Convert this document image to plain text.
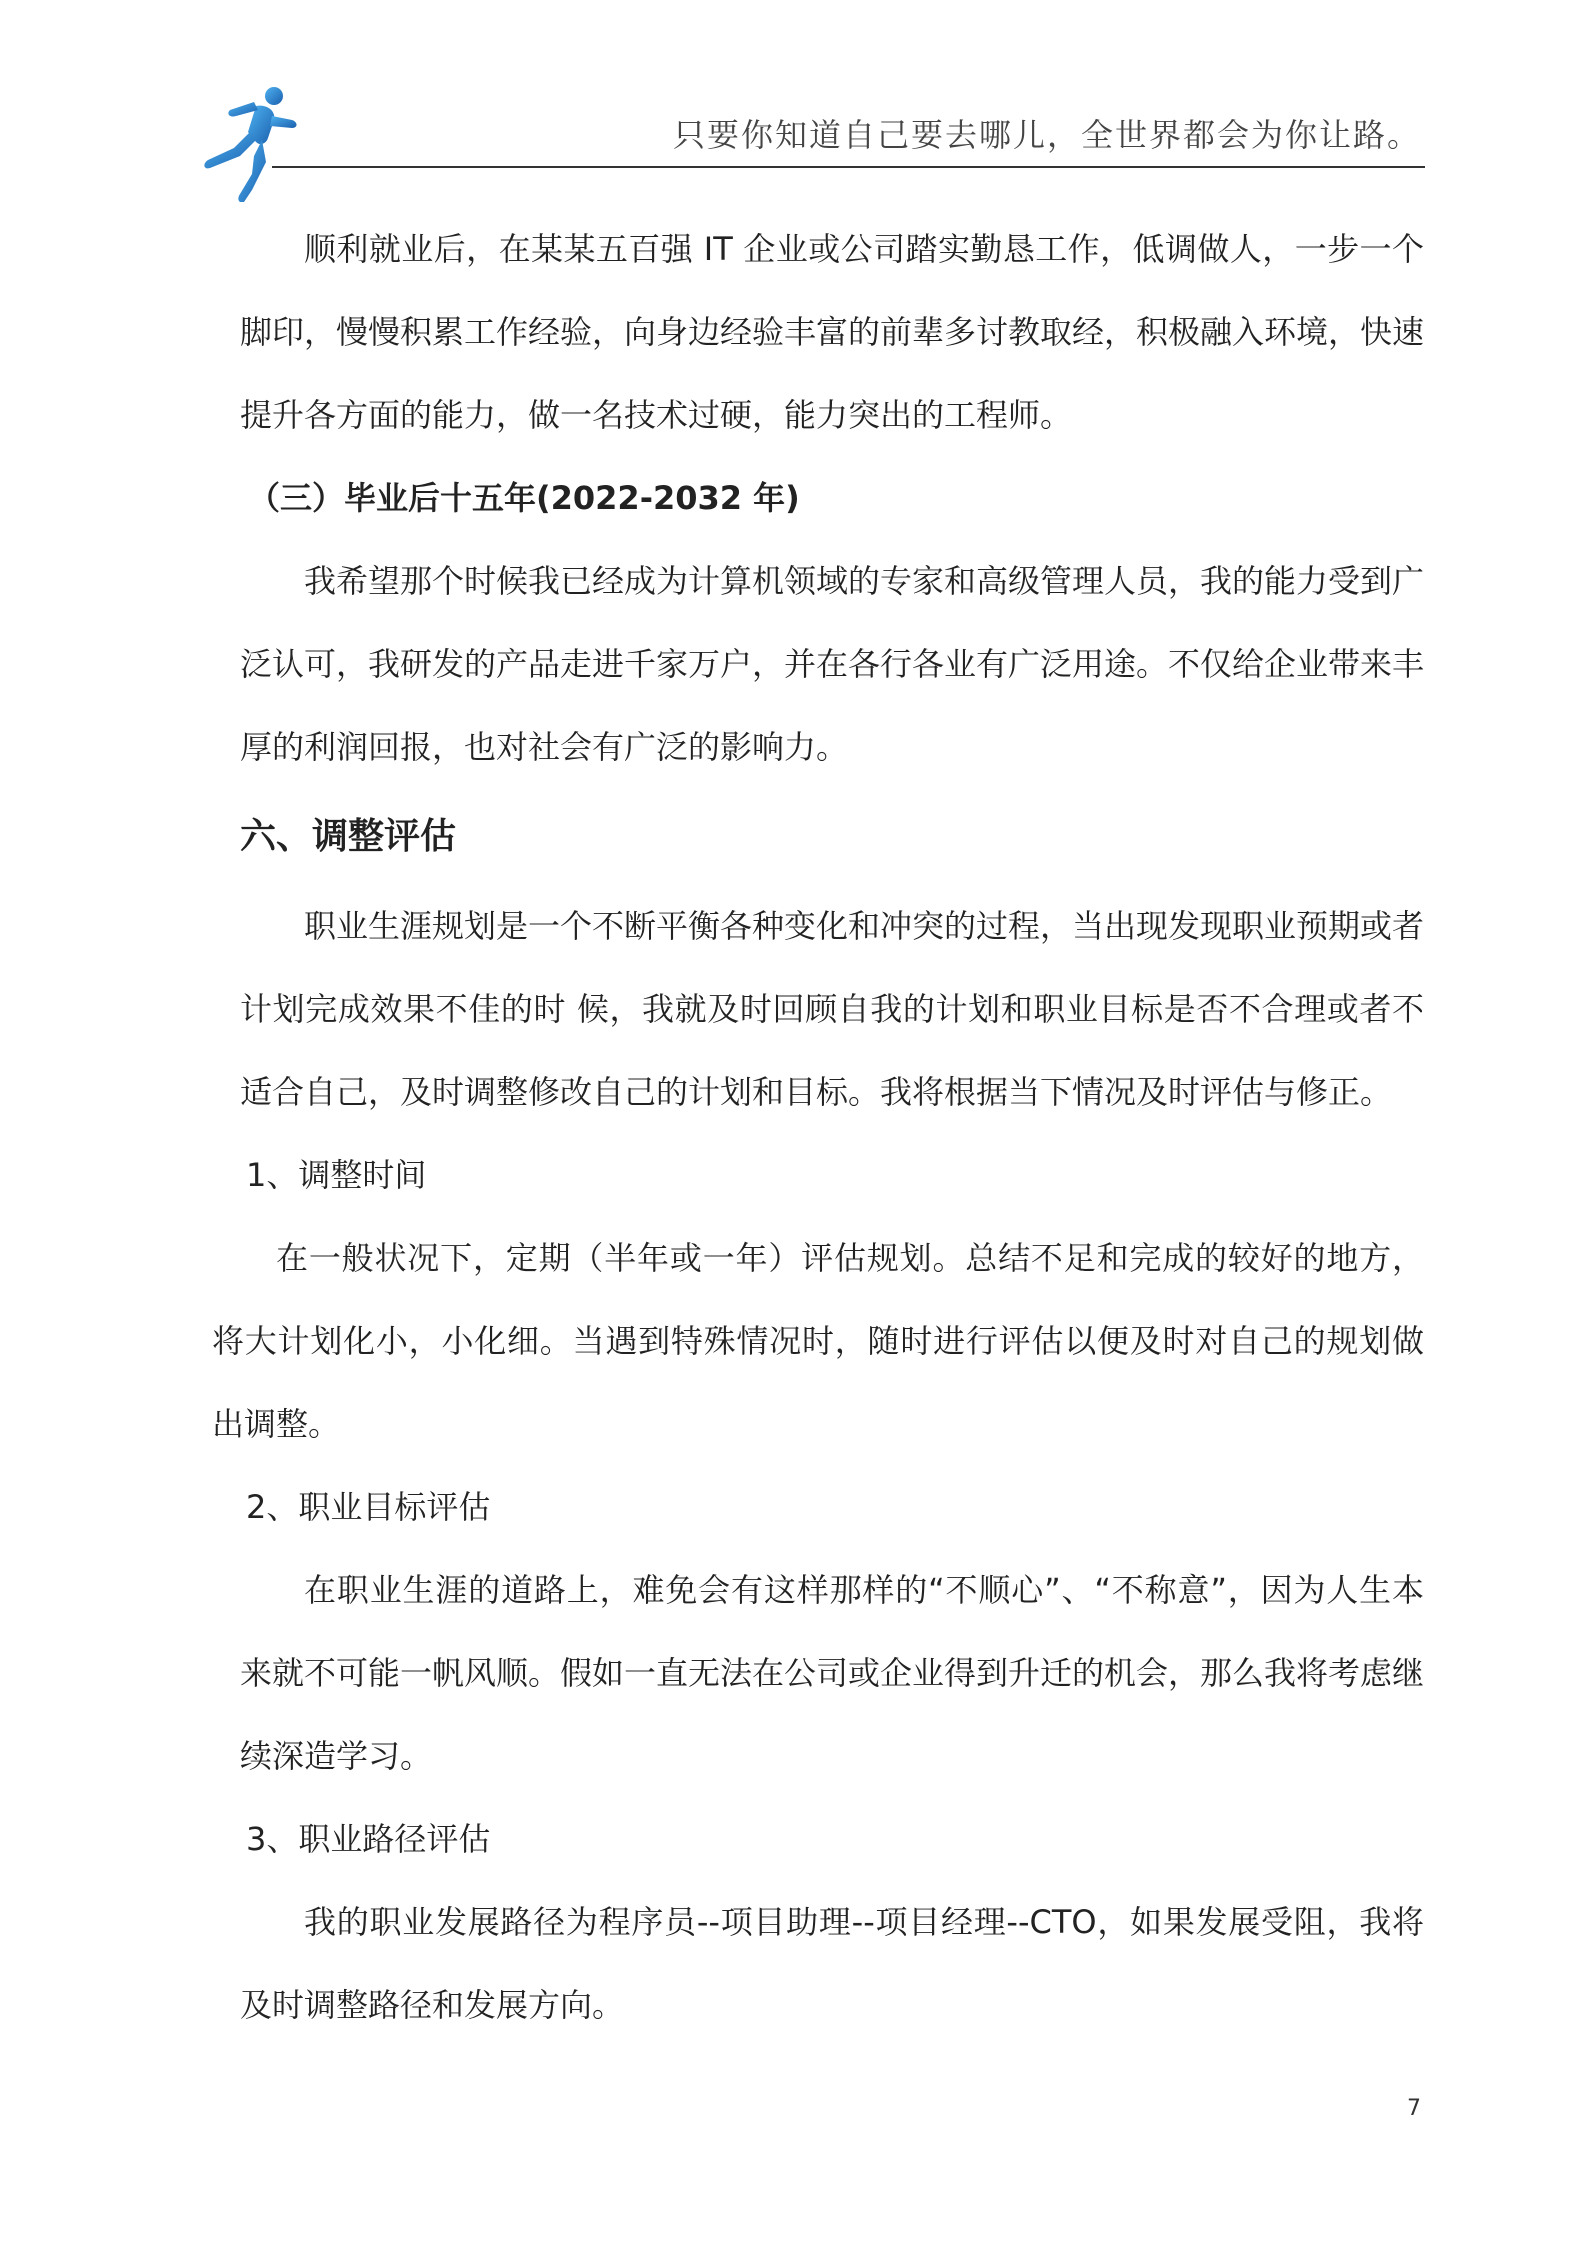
只要你知道自己要去哪儿，全世界都会为你让路。

顺利就业后，在某某五百强 IT 企业或公司踏实勤恳工作，低调做人，一步一个脚印，慢慢积累工作经验，向身边经验丰富的前辈多讨教取经，积极融入环境，快速提升各方面的能力，做一名技术过硬，能力突出的工程师。

（三）毕业后十五年(2022-2032 年)

我希望那个时候我已经成为计算机领域的专家和高级管理人员，我的能力受到广泛认可，我研发的产品走进千家万户，并在各行各业有广泛用途。不仅给企业带来丰厚的利润回报，也对社会有广泛的影响力。

六、调整评估

职业生涯规划是一个不断平衡各种变化和冲突的过程，当出现发现职业预期或者计划完成效果不佳的时 候，我就及时回顾自我的计划和职业目标是否不合理或者不适合自己，及时调整修改自己的计划和目标。我将根据当下情况及时评估与修正。

1、调整时间

在一般状况下，定期（半年或一年）评估规划。总结不足和完成的较好的地方，将大计划化小，小化细。当遇到特殊情况时，随时进行评估以便及时对自己的规划做出调整。

2、职业目标评估

在职业生涯的道路上，难免会有这样那样的“不顺心”、“不称意”，因为人生本来就不可能一帆风顺。假如一直无法在公司或企业得到升迁的机会，那么我将考虑继续深造学习。

3、职业路径评估

我的职业发展路径为程序员--项目助理--项目经理--CTO，如果发展受阻，我将及时调整路径和发展方向。

7
